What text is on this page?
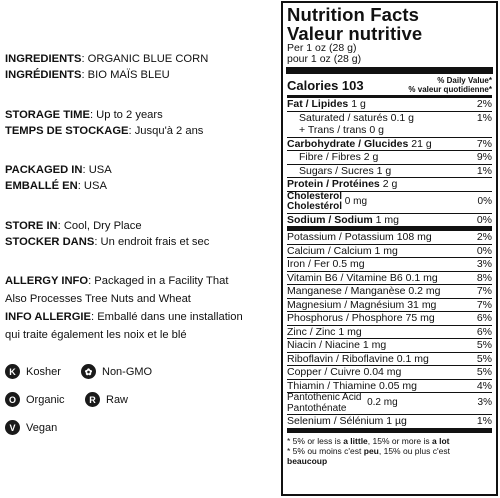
INGREDIENTS: ORGANIC BLUE CORN
INGRÉDIENTS: BIO MAÏS BLEU
STORAGE TIME: Up to 2 years
TEMPS DE STOCKAGE: Jusqu'à 2 ans
PACKAGED IN: USA
EMBALLÉ EN: USA
STORE IN: Cool, Dry Place
STOCKER DANS: Un endroit frais et sec
ALLERGY INFO: Packaged in a Facility That
Also Processes Tree Nuts and Wheat
INFO ALLERGIE: Emballé dans une installation
qui traite également les noix et le blé
K Kosher	✿ Non-GMO
O Organic	R Raw
V Vegan
Nutrition Facts
Valeur nutritive
Per 1 oz (28 g)
pour 1 oz (28 g)
Calories 103	% Daily Value*
% valeur quotidienne*
Fat / Lipides 1 g	2%
Saturated / saturés 0.1 g	1%
+ Trans / trans 0 g
Carbohydrate / Glucides 21 g	7%
Fibre / Fibres 2 g	9%
Sugars / Sucres 1 g	1%
Protein / Protéines 2 g
Cholesterol
Cholestérol
0 mg	0%
Sodium / Sodium 1 mg	0%
Potassium / Potassium 108 mg	2%
Calcium / Calcium 1 mg	0%
Iron / Fer 0.5 mg	3%
Vitamin B6 / Vitamine B6 0.1 mg	8%
Manganese / Manganèse 0.2 mg	7%
Magnesium / Magnésium 31 mg	7%
Phosphorus / Phosphore 75 mg	6%
Zinc / Zinc 1 mg	6%
Niacin / Niacine 1 mg	5%
Riboflavin / Riboflavine 0.1 mg	5%
Copper / Cuivre 0.04 mg	5%
Thiamin / Thiamine 0.05 mg	4%
Pantothenic Acid
Pantothénate
	0.2 mg	3%
Selenium / Sélénium 1 µg	1%
* 5% or less is a little, 15% or more is a lot
* 5% ou moins c'est peu, 15% ou plus c'est
beaucoup
